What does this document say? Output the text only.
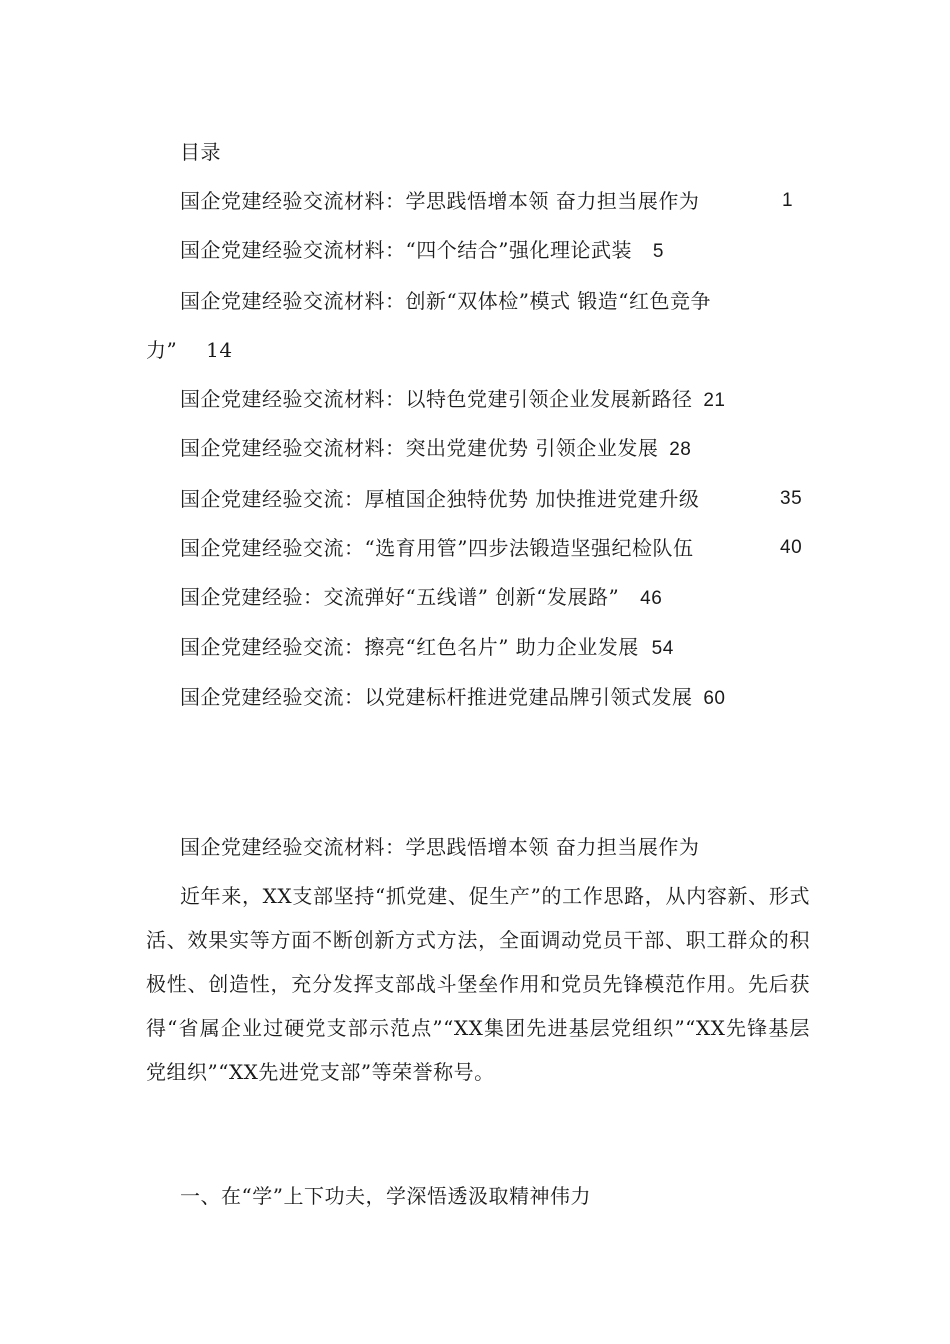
目录
国企党建经验交流材料：学思践悟增本领 奋力担当展作为	1
国企党建经验交流材料：“四个结合”强化理论武装 5
国企党建经验交流材料：创新“双体检”模式 锻造“红色竞争
力” 14
国企党建经验交流材料：以特色党建引领企业发展新路径 21
国企党建经验交流材料：突出党建优势 引领企业发展 28
国企党建经验交流：厚植国企独特优势 加快推进党建升级	35
国企党建经验交流：“选育用管”四步法锻造坚强纪检队伍	40
国企党建经验：交流弹好“五线谱” 创新“发展路” 46
国企党建经验交流：擦亮“红色名片” 助力企业发展 54
国企党建经验交流：以党建标杆推进党建品牌引领式发展 60
国企党建经验交流材料：学思践悟增本领 奋力担当展作为
近年来，XX支部坚持“抓党建、促生产”的工作思路，从内容新、形式活、效果实等方面不断创新方式方法，全面调动党员干部、职工群众的积极性、创造性，充分发挥支部战斗堡垒作用和党员先锋模范作用。先后获得“省属企业过硬党支部示范点”“XX集团先进基层党组织”“XX先锋基层党组织”“XX先进党支部”等荣誉称号。
一、在“学”上下功夫，学深悟透汲取精神伟力
